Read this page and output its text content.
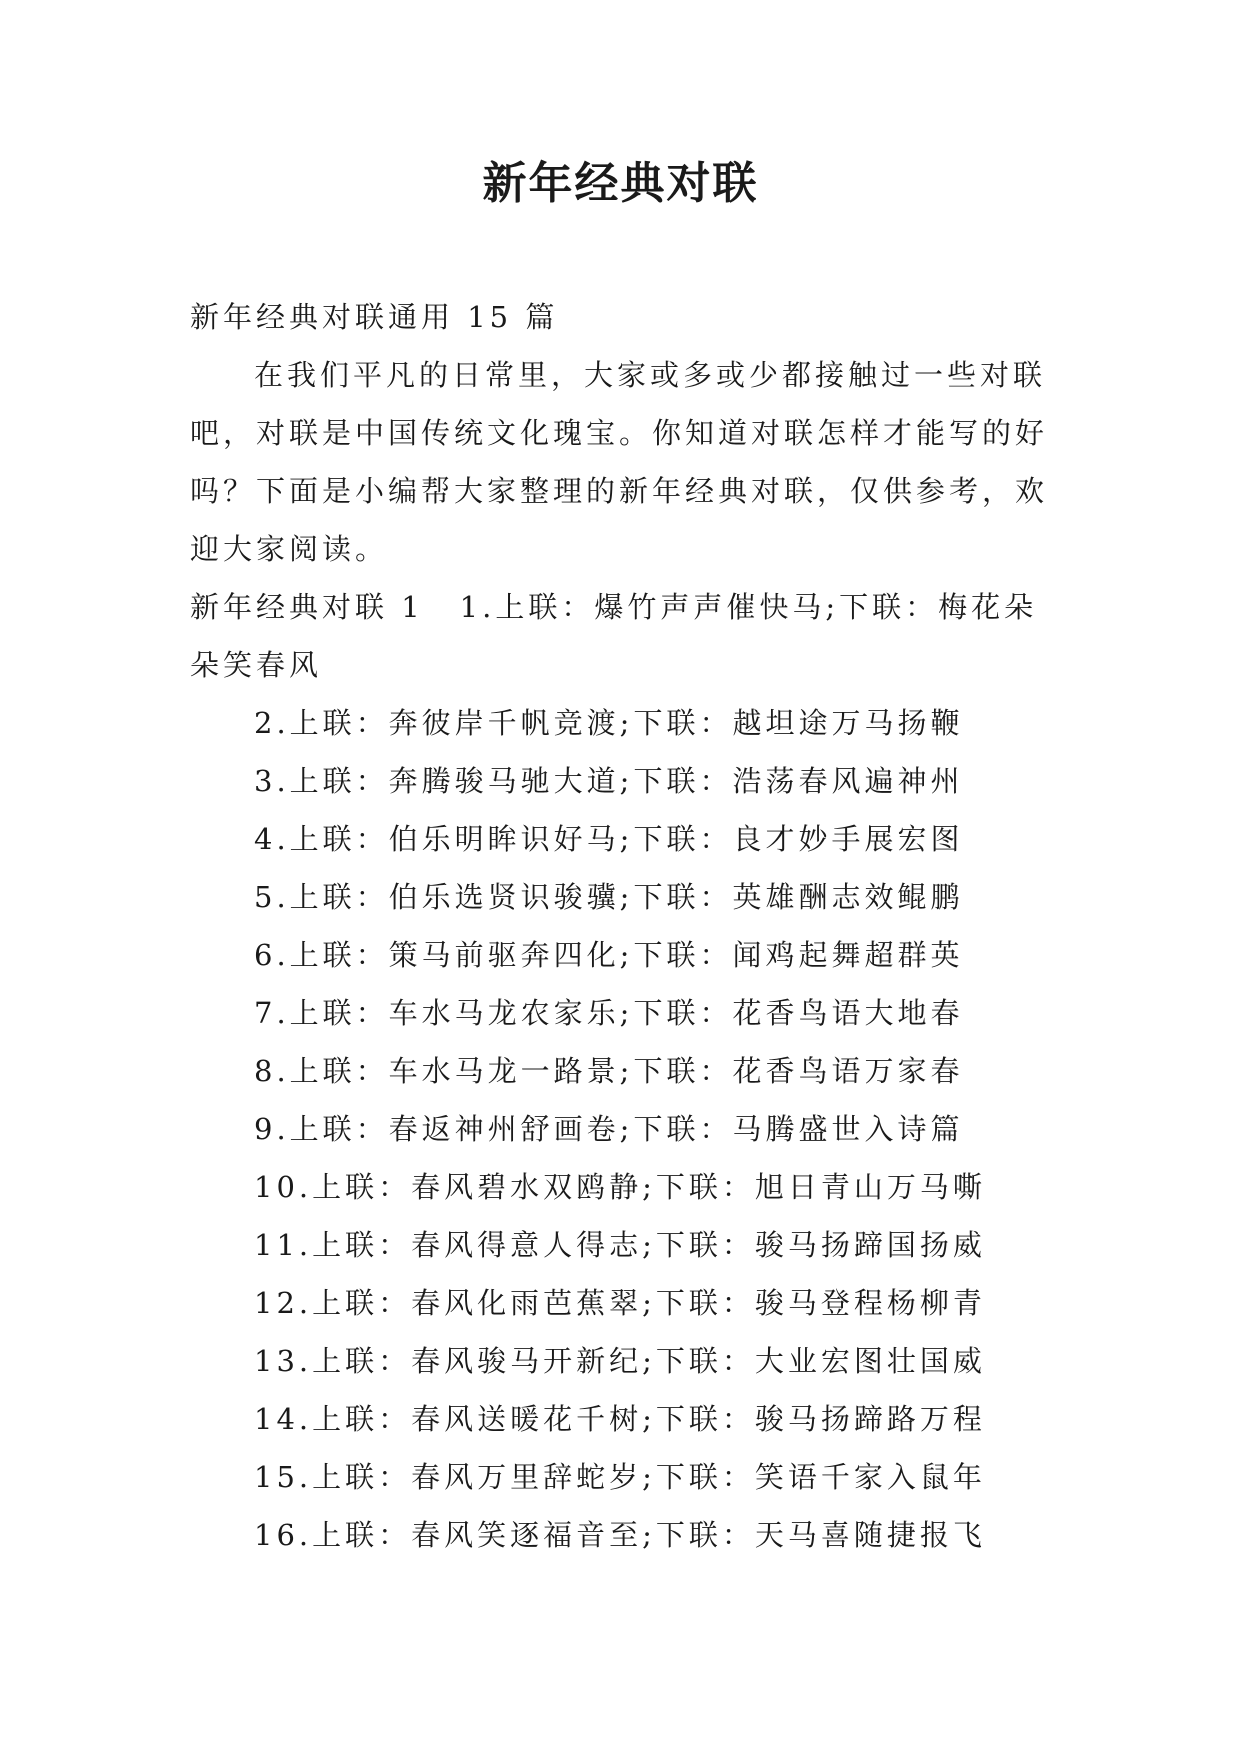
新年经典对联
新年经典对联通用 15 篇
在我们平凡的日常里，大家或多或少都接触过一些对联吧，对联是中国传统文化瑰宝。你知道对联怎样才能写的好吗？下面是小编帮大家整理的新年经典对联，仅供参考，欢迎大家阅读。
新年经典对联 1 1.上联：爆竹声声催快马;下联：梅花朵朵笑春风
2.上联：奔彼岸千帆竞渡;下联：越坦途万马扬鞭
3.上联：奔腾骏马驰大道;下联：浩荡春风遍神州
4.上联：伯乐明眸识好马;下联：良才妙手展宏图
5.上联：伯乐选贤识骏骥;下联：英雄酬志效鲲鹏
6.上联：策马前驱奔四化;下联：闻鸡起舞超群英
7.上联：车水马龙农家乐;下联：花香鸟语大地春
8.上联：车水马龙一路景;下联：花香鸟语万家春
9.上联：春返神州舒画卷;下联：马腾盛世入诗篇
10.上联：春风碧水双鸥静;下联：旭日青山万马嘶
11.上联：春风得意人得志;下联：骏马扬蹄国扬威
12.上联：春风化雨芭蕉翠;下联：骏马登程杨柳青
13.上联：春风骏马开新纪;下联：大业宏图壮国威
14.上联：春风送暖花千树;下联：骏马扬蹄路万程
15.上联：春风万里辞蛇岁;下联：笑语千家入鼠年
16.上联：春风笑逐福音至;下联：天马喜随捷报飞
